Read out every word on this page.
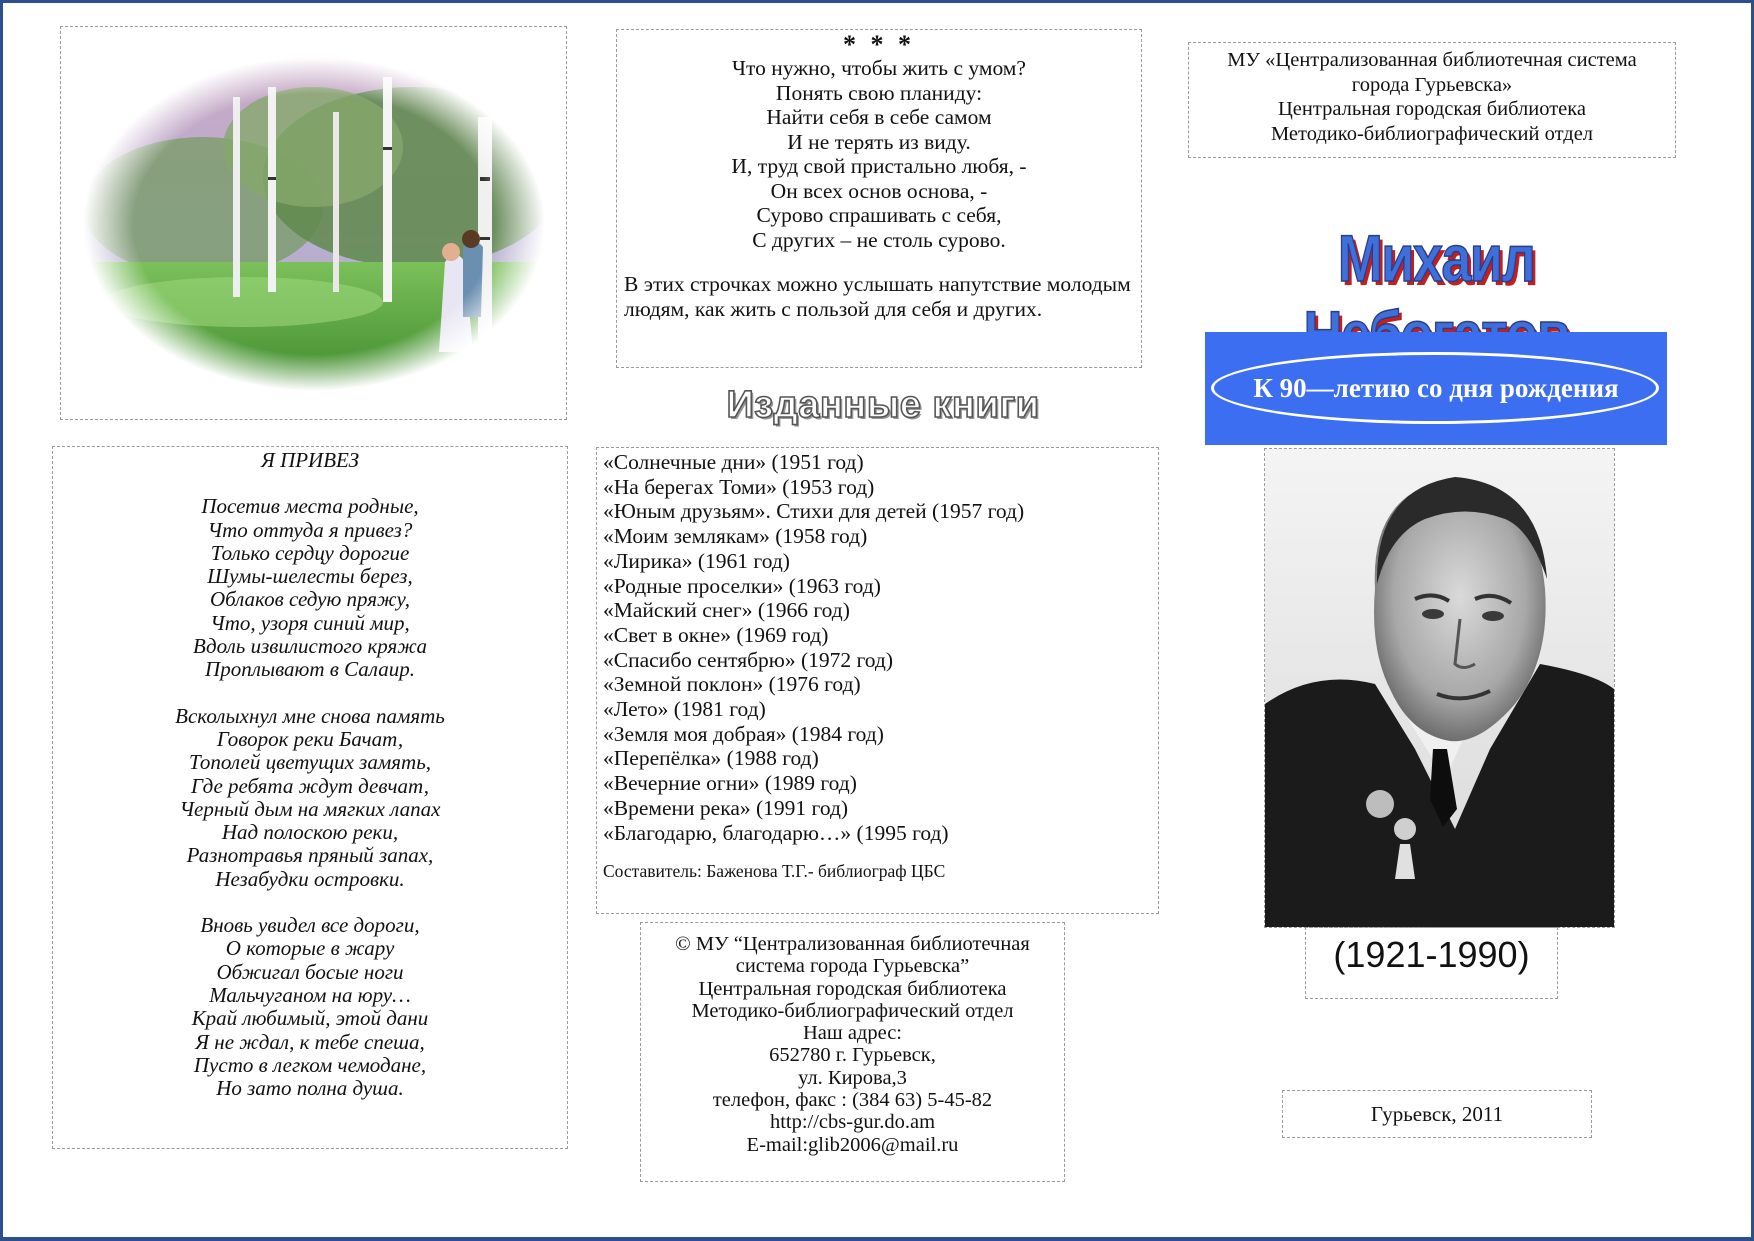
* * *
Что нужно, чтобы жить с умом?
Понять свою планиду:
Найти себя в себе самом
И не терять из виду.
И, труд свой пристально любя, -
Он всех основ основа, -
Сурово спрашивать с себя,
С других – не столь сурово.
В этих строчках можно услышать напутствие молодым людям, как жить с пользой для себя и других.
Изданные книги
«Солнечные дни» (1951 год)
«На берегах Томи» (1953 год)
«Юным друзьям». Стихи для детей (1957 год)
«Моим землякам» (1958 год)
«Лирика» (1961 год)
«Родные проселки» (1963 год)
«Майский снег» (1966 год)
«Свет в окне» (1969 год)
«Спасибо сентябрю» (1972 год)
«Земной поклон» (1976 год)
«Лето» (1981 год)
«Земля моя добрая» (1984 год)
«Перепёлка» (1988 год)
«Вечерние огни» (1989 год)
«Времени река» (1991 год)
«Благодарю, благодарю…» (1995 год)
Составитель: Баженова Т.Г.- библиограф ЦБС
Я ПРИВЕЗ
Посетив места родные,
Что оттуда я привез?
Только сердцу дорогие
Шумы-шелесты берез,
Облаков седую пряжу,
Что, узоря синий мир,
Вдоль извилистого кряжа
Проплывают в Салаир.
Всколыхнул мне снова память
Говорок реки Бачат,
Тополей цветущих замять,
Где ребята ждут девчат,
Черный дым на мягких лапах
Над полоскою реки,
Разнотравья пряный запах,
Незабудки островки.
Вновь увидел все дороги,
О которые в жару
Обжигал босые ноги
Мальчуганом на юру…
Край любимый, этой дани
Я не ждал, к тебе спеша,
Пусто в легком чемодане,
Но зато полна душа.
© МУ “Централизованная библиотечная
система города Гурьевска”
Центральная городская библиотека
Методико-библиографический отдел
Наш адрес:
652780 г. Гурьевск,
ул. Кирова,3
телефон, факс : (384 63) 5-45-82
http://cbs-gur.do.am
E-mail:glib2006@mail.ru
МУ «Централизованная библиотечная система
города Гурьевска»
Центральная городская библиотека
Методико-библиографический отдел
Михаил
К 90—летию со дня рождения
(1921-1990)
Гурьевск, 2011
